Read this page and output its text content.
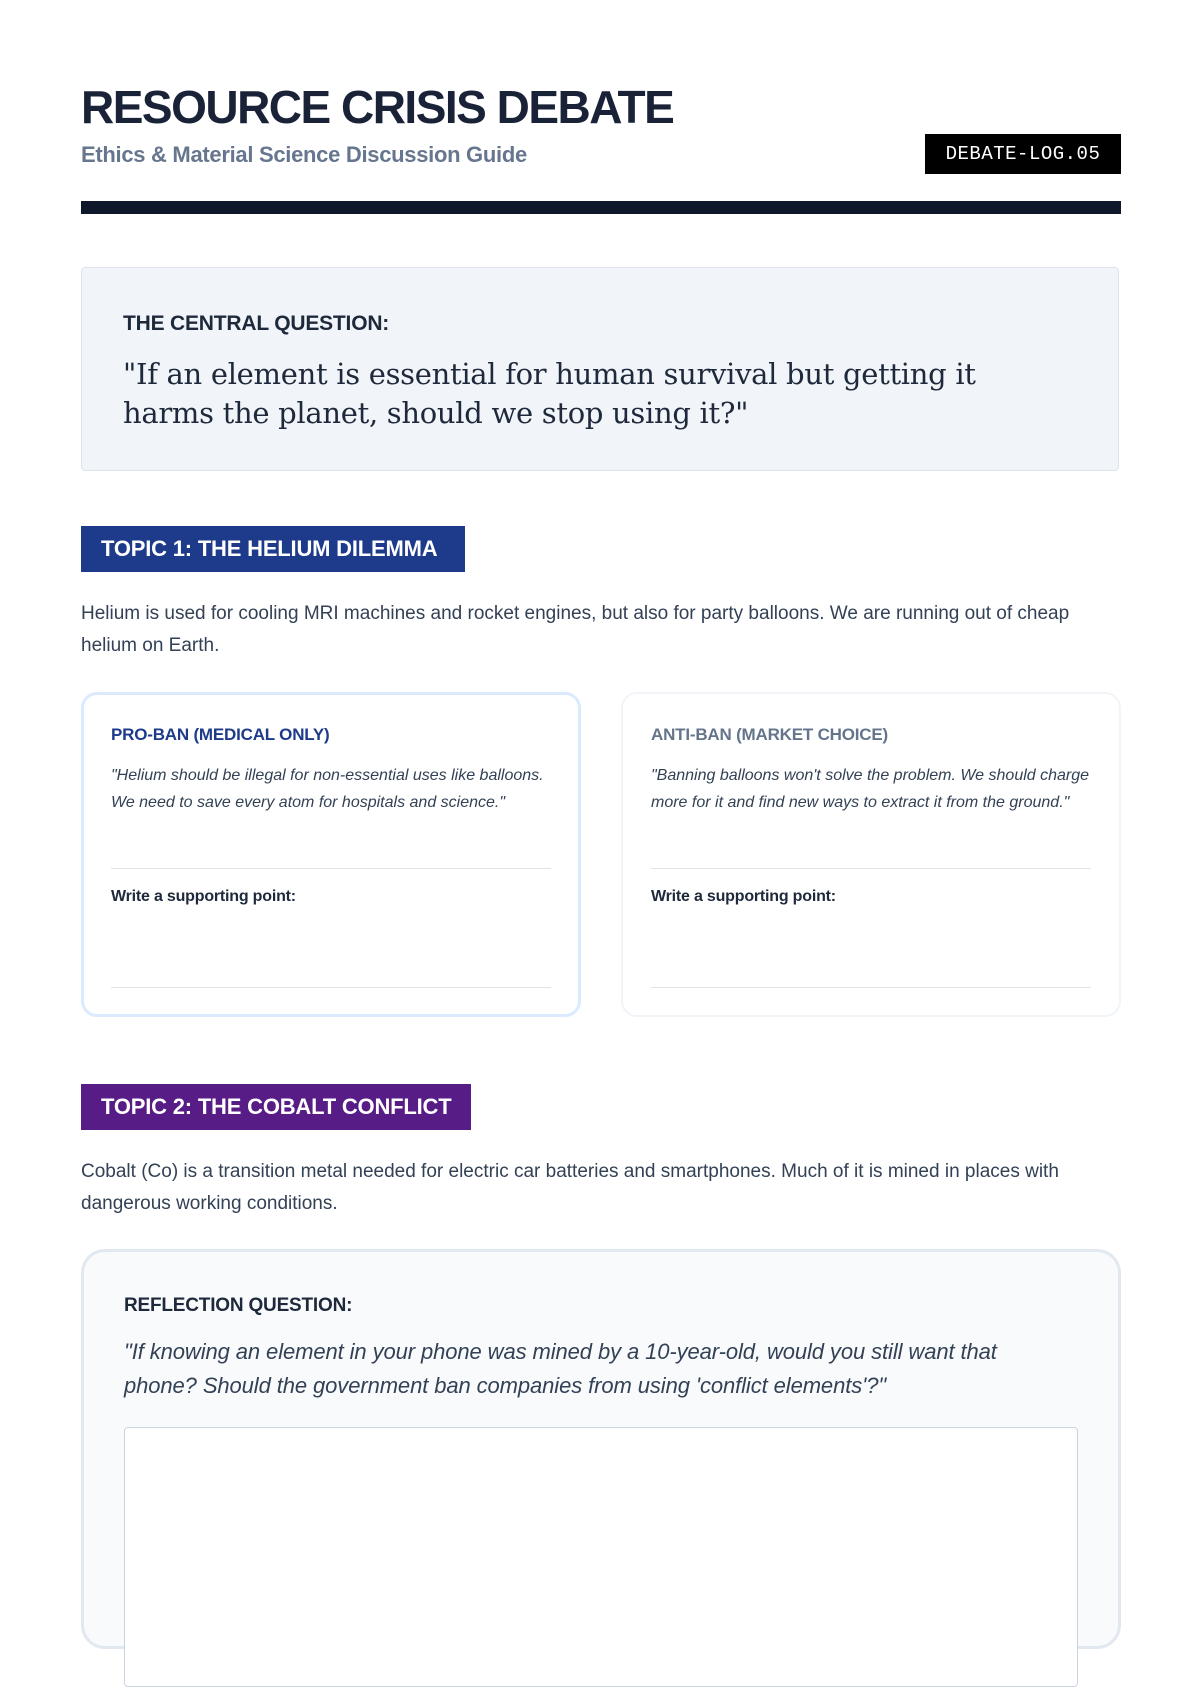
RESOURCE CRISIS DEBATE

Ethics & Material Science Discussion Guide	DEBATE-LOG.05
THE CENTRAL QUESTION:
"If an element is essential for human survival but getting it harms the planet, should we stop using it?"
TOPIC 1: THE HELIUM DILEMMA

Helium is used for cooling MRI machines and rocket engines, but also for party balloons. We are running out of cheap helium on Earth.

PRO-BAN (MEDICAL ONLY)
"Helium should be illegal for non-essential uses like balloons. We need to save every atom for hospitals and science."
Write a supporting point:
ANTI-BAN (MARKET CHOICE)
"Banning balloons won't solve the problem. We should charge more for it and find new ways to extract it from the ground."
Write a supporting point:
TOPIC 2: THE COBALT CONFLICT

Cobalt (Co) is a transition metal needed for electric car batteries and smartphones. Much of it is mined in places with dangerous working conditions.

REFLECTION QUESTION:
"If knowing an element in your phone was mined by a 10-year-old, would you still want that phone? Should the government ban companies from using 'conflict elements'?"
